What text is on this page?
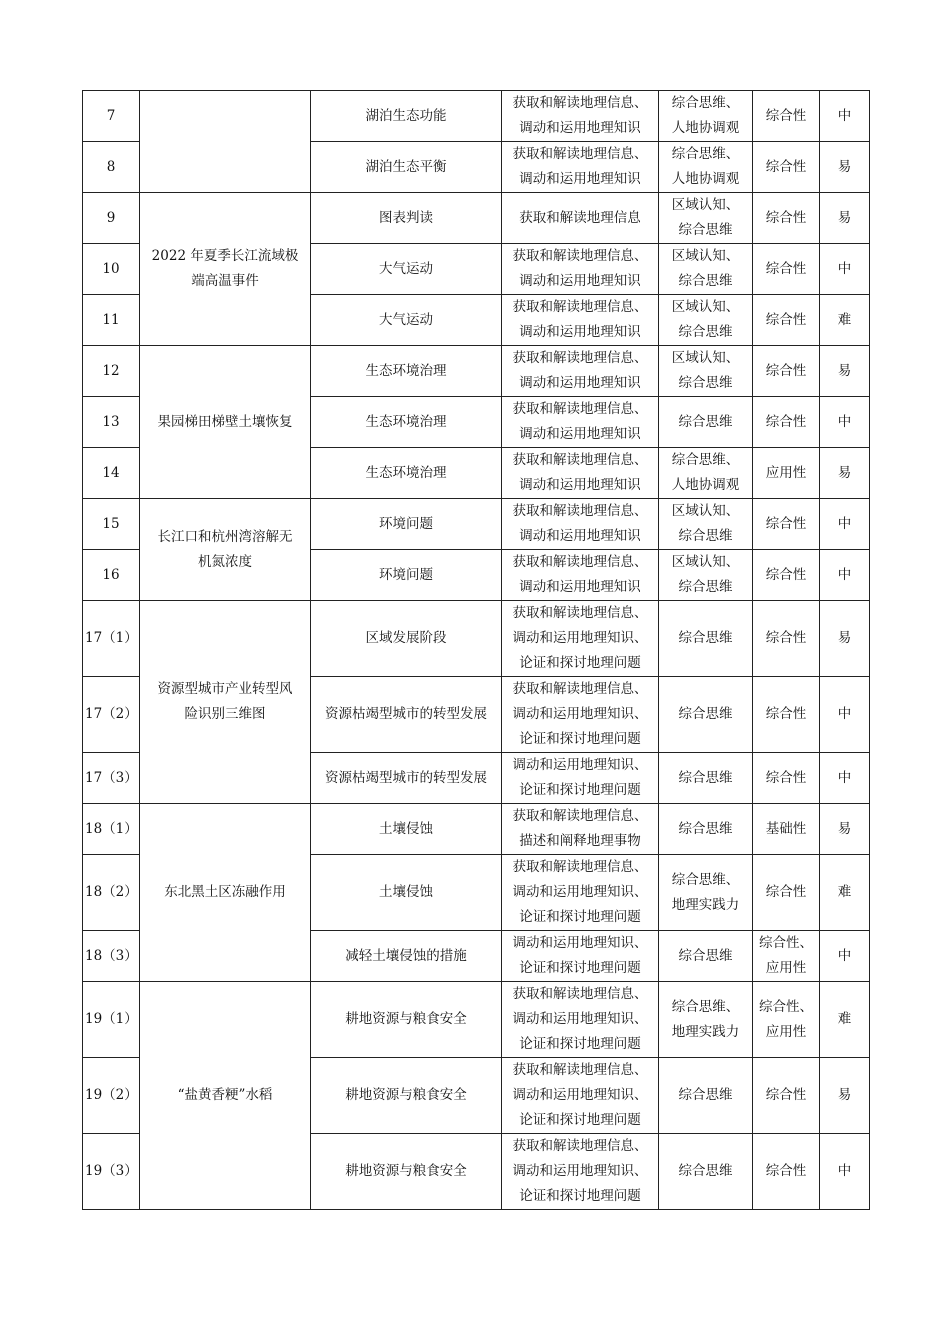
7		湖泊生态功能	获取和解读地理信息、
调动和运用地理知识	综合思维、
人地协调观	综合性	中
8		湖泊生态平衡	获取和解读地理信息、
调动和运用地理知识	综合思维、
人地协调观	综合性	易
9	2022 年夏季长江流域极
端高温事件	图表判读	获取和解读地理信息	区域认知、
综合思维	综合性	易
10		大气运动	获取和解读地理信息、
调动和运用地理知识	区域认知、
综合思维	综合性	中
11		大气运动	获取和解读地理信息、
调动和运用地理知识	区域认知、
综合思维	综合性	难
12	果园梯田梯壁土壤恢复	生态环境治理	获取和解读地理信息、
调动和运用地理知识	区域认知、
综合思维	综合性	易
13		生态环境治理	获取和解读地理信息、
调动和运用地理知识	综合思维	综合性	中
14		生态环境治理	获取和解读地理信息、
调动和运用地理知识	综合思维、
人地协调观	应用性	易
15	长江口和杭州湾溶解无
机氮浓度	环境问题	获取和解读地理信息、
调动和运用地理知识	区域认知、
综合思维	综合性	中
16		环境问题	获取和解读地理信息、
调动和运用地理知识	区域认知、
综合思维	综合性	中
17（1）	资源型城市产业转型风
险识别三维图	区域发展阶段	获取和解读地理信息、
调动和运用地理知识、
论证和探讨地理问题	综合思维	综合性	易
17（2）		资源枯竭型城市的转型发展	获取和解读地理信息、
调动和运用地理知识、
论证和探讨地理问题	综合思维	综合性	中
17（3）		资源枯竭型城市的转型发展	调动和运用地理知识、
论证和探讨地理问题	综合思维	综合性	中
18（1）	东北黑土区冻融作用	土壤侵蚀	获取和解读地理信息、
描述和阐释地理事物	综合思维	基础性	易
18（2）		土壤侵蚀	获取和解读地理信息、
调动和运用地理知识、
论证和探讨地理问题	综合思维、
地理实践力	综合性	难
18（3）		减轻土壤侵蚀的措施	调动和运用地理知识、
论证和探讨地理问题	综合思维	综合性、
应用性	中
19（1）	“盐黄香粳”水稻	耕地资源与粮食安全	获取和解读地理信息、
调动和运用地理知识、
论证和探讨地理问题	综合思维、
地理实践力	综合性、
应用性	难
19（2）		耕地资源与粮食安全	获取和解读地理信息、
调动和运用地理知识、
论证和探讨地理问题	综合思维	综合性	易
19（3）		耕地资源与粮食安全	获取和解读地理信息、
调动和运用地理知识、
论证和探讨地理问题	综合思维	综合性	中
